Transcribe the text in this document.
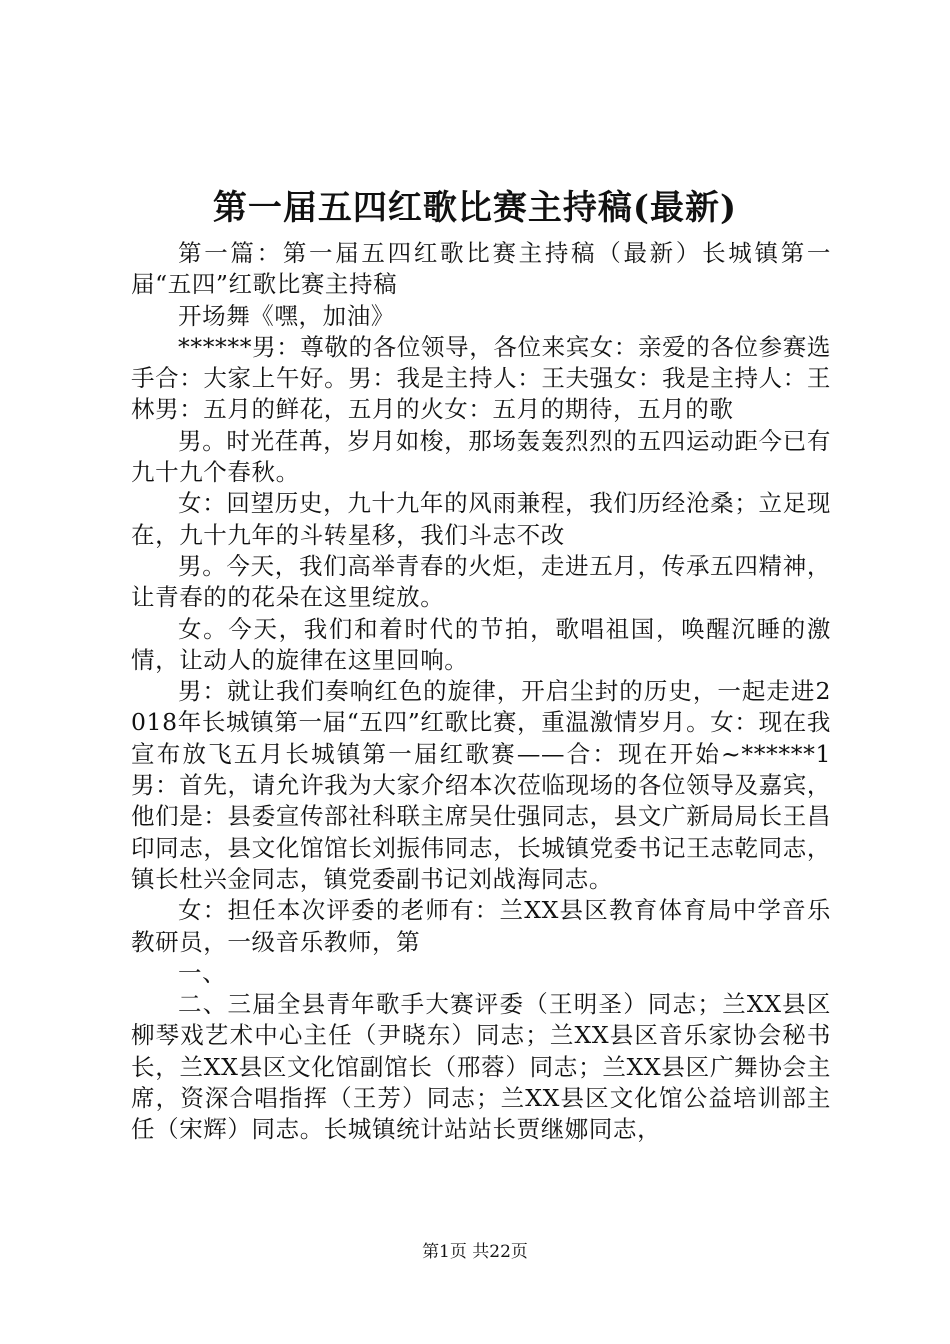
第一届五四红歌比赛主持稿(最新)

第一篇：第一届五四红歌比赛主持稿（最新）长城镇第一届“五四”红歌比赛主持稿

开场舞《嘿，加油》

******男：尊敬的各位领导，各位来宾女：亲爱的各位参赛选手合：大家上午好。男：我是主持人：王夫强女：我是主持人：王林男：五月的鲜花，五月的火女：五月的期待，五月的歌

男。时光荏苒，岁月如梭，那场轰轰烈烈的五四运动距今已有九十九个春秋。

女：回望历史，九十九年的风雨兼程，我们历经沧桑；立足现在，九十九年的斗转星移，我们斗志不改

男。今天，我们高举青春的火炬，走进五月，传承五四精神，让青春的的花朵在这里绽放。

女。今天，我们和着时代的节拍，歌唱祖国，唤醒沉睡的激情，让动人的旋律在这里回响。

男：就让我们奏响红色的旋律，开启尘封的历史，一起走进2018年长城镇第一届“五四”红歌比赛，重温激情岁月。女：现在我宣布放飞五月长城镇第一届红歌赛——合：现在开始~******1男：首先，请允许我为大家介绍本次莅临现场的各位领导及嘉宾，他们是：县委宣传部社科联主席吴仕强同志，县文广新局局长王昌印同志，县文化馆馆长刘振伟同志，长城镇党委书记王志乾同志，镇长杜兴金同志，镇党委副书记刘战海同志。

女：担任本次评委的老师有：兰XX县区教育体育局中学音乐教研员，一级音乐教师，第

一、

二、三届全县青年歌手大赛评委（王明圣）同志；兰XX县区柳琴戏艺术中心主任（尹晓东）同志；兰XX县区音乐家协会秘书长，兰XX县区文化馆副馆长（邢蓉）同志；兰XX县区广舞协会主席，资深合唱指挥（王芳）同志；兰XX县区文化馆公益培训部主任（宋辉）同志。长城镇统计站站长贾继娜同志，

第1页 共22页
